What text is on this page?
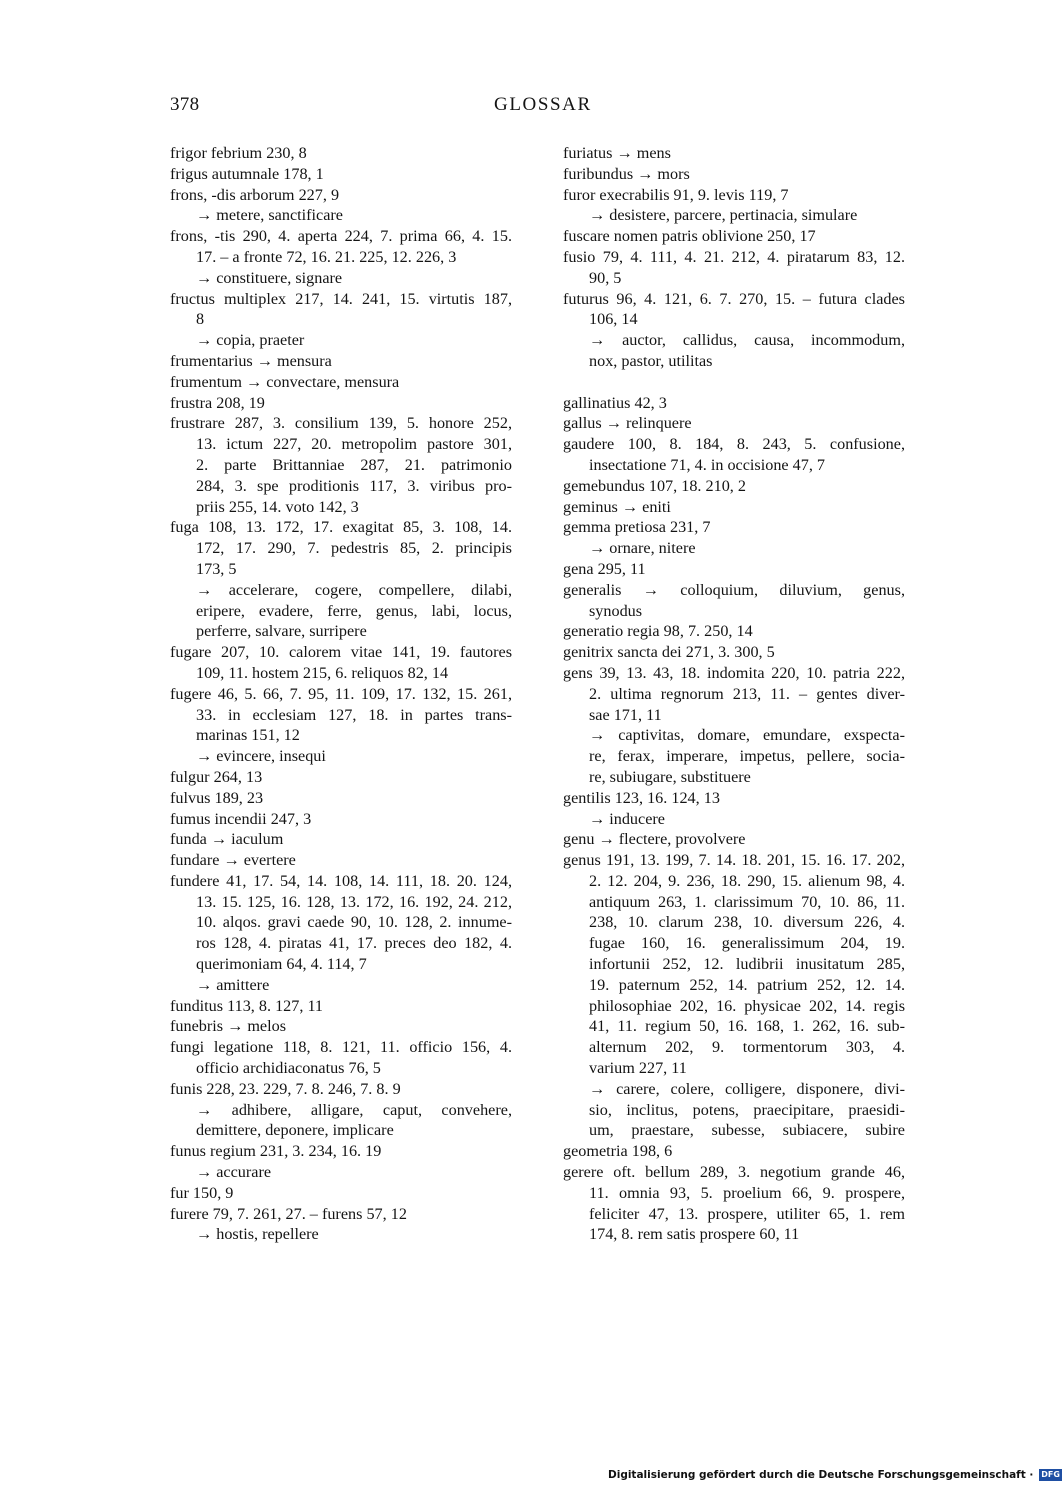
378	GLOSSAR
frigor febrium 230, 8
frigus autumnale 178, 1
frons, -dis arborum 227, 9
→ metere, sanctificare
frons, -tis 290, 4. aperta 224, 7. prima 66, 4. 15.
17. – a fronte 72, 16. 21. 225, 12. 226, 3
→ constituere, signare
fructus multiplex 217, 14. 241, 15. virtutis 187,
8
→ copia, praeter
frumentarius → mensura
frumentum → convectare, mensura
frustra 208, 19
frustrare 287, 3. consilium 139, 5. honore 252,
13. ictum 227, 20. metropolim pastore 301,
2. parte Brittanniae 287, 21. patrimonio
284, 3. spe proditionis 117, 3. viribus pro-
priis 255, 14. voto 142, 3
fuga 108, 13. 172, 17. exagitat 85, 3. 108, 14.
172, 17. 290, 7. pedestris 85, 2. principis
173, 5
→ accelerare, cogere, compellere, dilabi,
eripere, evadere, ferre, genus, labi, locus,
perferre, salvare, surripere
fugare 207, 10. calorem vitae 141, 19. fautores
109, 11. hostem 215, 6. reliquos 82, 14
fugere 46, 5. 66, 7. 95, 11. 109, 17. 132, 15. 261,
33. in ecclesiam 127, 18. in partes trans-
marinas 151, 12
→ evincere, insequi
fulgur 264, 13
fulvus 189, 23
fumus incendii 247, 3
funda → iaculum
fundare → evertere
fundere 41, 17. 54, 14. 108, 14. 111, 18. 20. 124,
13. 15. 125, 16. 128, 13. 172, 16. 192, 24. 212,
10. alqos. gravi caede 90, 10. 128, 2. innume-
ros 128, 4. piratas 41, 17. preces deo 182, 4.
querimoniam 64, 4. 114, 7
→ amittere
funditus 113, 8. 127, 11
funebris → melos
fungi legatione 118, 8. 121, 11. officio 156, 4.
officio archidiaconatus 76, 5
funis 228, 23. 229, 7. 8. 246, 7. 8. 9
→ adhibere, alligare, caput, convehere,
demittere, deponere, implicare
funus regium 231, 3. 234, 16. 19
→ accurare
fur 150, 9
furere 79, 7. 261, 27. – furens 57, 12
→ hostis, repellere
furiatus → mens
furibundus → mors
furor execrabilis 91, 9. levis 119, 7
→ desistere, parcere, pertinacia, simulare
fuscare nomen patris oblivione 250, 17
fusio 79, 4. 111, 4. 21. 212, 4. piratarum 83, 12.
90, 5
futurus 96, 4. 121, 6. 7. 270, 15. – futura clades
106, 14
→ auctor, callidus, causa, incommodum,
nox, pastor, utilitas
gallinatius 42, 3
gallus → relinquere
gaudere 100, 8. 184, 8. 243, 5. confusione,
insectatione 71, 4. in occisione 47, 7
gemebundus 107, 18. 210, 2
geminus → eniti
gemma pretiosa 231, 7
→ ornare, nitere
gena 295, 11
generalis → colloquium, diluvium, genus,
synodus
generatio regia 98, 7. 250, 14
genitrix sancta dei 271, 3. 300, 5
gens 39, 13. 43, 18. indomita 220, 10. patria 222,
2. ultima regnorum 213, 11. – gentes diver-
sae 171, 11
→ captivitas, domare, emundare, exspecta-
re, ferax, imperare, impetus, pellere, socia-
re, subiugare, substituere
gentilis 123, 16. 124, 13
→ inducere
genu → flectere, provolvere
genus 191, 13. 199, 7. 14. 18. 201, 15. 16. 17. 202,
2. 12. 204, 9. 236, 18. 290, 15. alienum 98, 4.
antiquum 263, 1. clarissimum 70, 10. 86, 11.
238, 10. clarum 238, 10. diversum 226, 4.
fugae 160, 16. generalissimum 204, 19.
infortunii 252, 12. ludibrii inusitatum 285,
19. paternum 252, 14. patrium 252, 12. 14.
philosophiae 202, 16. physicae 202, 14. regis
41, 11. regium 50, 16. 168, 1. 262, 16. sub-
alternum 202, 9. tormentorum 303, 4.
varium 227, 11
→ carere, colere, colligere, disponere, divi-
sio, inclitus, potens, praecipitare, praesidi-
um, praestare, subesse, subiacere, subire
geometria 198, 6
gerere oft. bellum 289, 3. negotium grande 46,
11. omnia 93, 5. proelium 66, 9. prospere,
feliciter 47, 13. prospere, utiliter 65, 1. rem
174, 8. rem satis prospere 60, 11
Digitalisierung gefördert durch die Deutsche Forschungsgemeinschaft · DFG
